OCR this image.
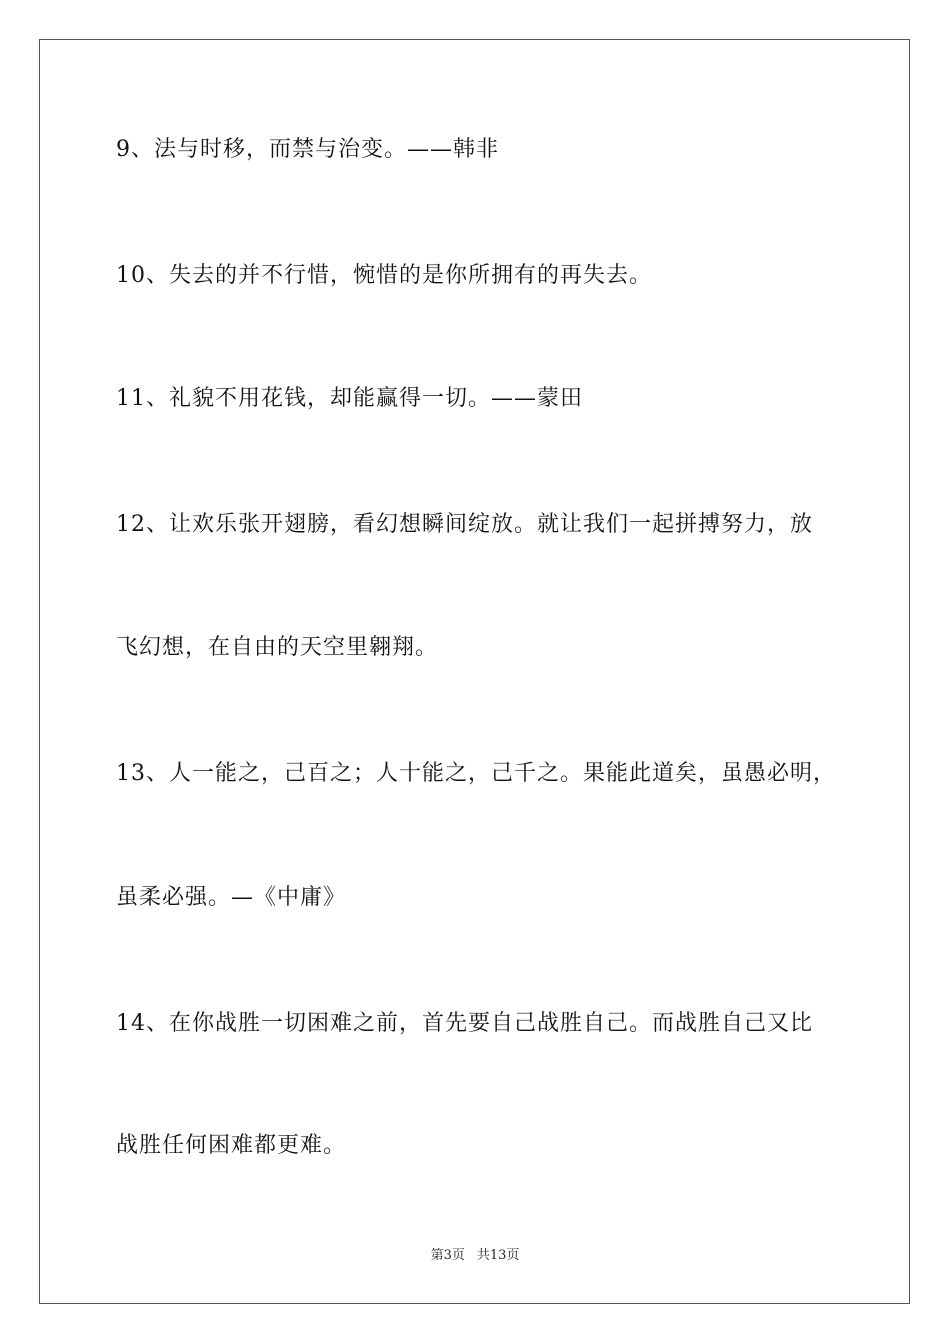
9、法与时移，而禁与治变。——韩非
10、失去的并不行惜，惋惜的是你所拥有的再失去。
11、礼貌不用花钱，却能赢得一切。——蒙田
12、让欢乐张开翅膀，看幻想瞬间绽放。就让我们一起拼搏努力，放
飞幻想，在自由的天空里翱翔。
13、人一能之，己百之；人十能之，己千之。果能此道矣，虽愚必明，
虽柔必强。—《中庸》
14、在你战胜一切困难之前，首先要自己战胜自己。而战胜自己又比
战胜任何困难都更难。
第3页 共13页
